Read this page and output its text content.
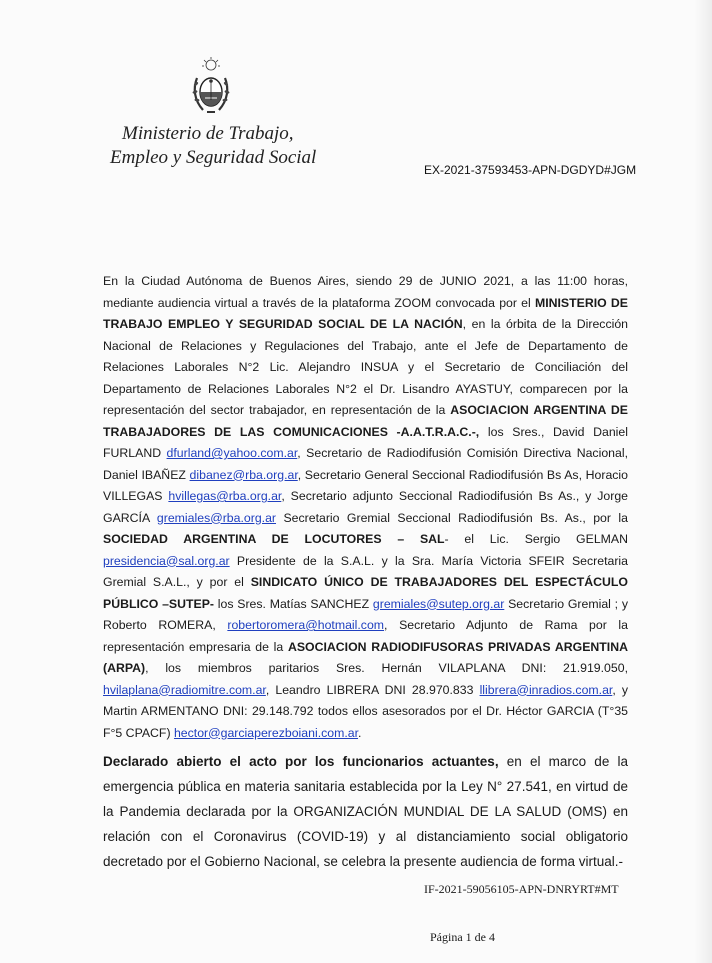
Ministerio de Trabajo,
Empleo y Seguridad Social
EX-2021-37593453-APN-DGDYD#JGM

En la Ciudad Autónoma de Buenos Aires, siendo 29 de JUNIO 2021, a las 11:00 horas, mediante audiencia virtual a través de la plataforma ZOOM convocada por el MINISTERIO DE TRABAJO EMPLEO Y SEGURIDAD SOCIAL DE LA NACIÓN, en la órbita de la Dirección Nacional de Relaciones y Regulaciones del Trabajo, ante el Jefe de Departamento de Relaciones Laborales N°2 Lic. Alejandro INSUA y el Secretario de Conciliación del Departamento de Relaciones Laborales N°2 el Dr. Lisandro AYASTUY, comparecen por la representación del sector trabajador, en representación de la ASOCIACION ARGENTINA DE TRABAJADORES DE LAS COMUNICACIONES -A.A.T.R.A.C.-, los Sres., David Daniel FURLAND dfurland@yahoo.com.ar, Secretario de Radiodifusión Comisión Directiva Nacional, Daniel IBAÑEZ dibanez@rba.org.ar, Secretario General Seccional Radiodifusión Bs As, Horacio VILLEGAS hvillegas@rba.org.ar, Secretario adjunto Seccional Radiodifusión Bs As., y Jorge GARCÍA gremiales@rba.org.ar Secretario Gremial Seccional Radiodifusión Bs. As., por la SOCIEDAD ARGENTINA DE LOCUTORES – SAL- el Lic. Sergio GELMAN presidencia@sal.org.ar Presidente de la S.A.L. y la Sra. María Victoria SFEIR Secretaria Gremial S.A.L., y por el SINDICATO ÚNICO DE TRABAJADORES DEL ESPECTÁCULO PÚBLICO –SUTEP- los Sres. Matías SANCHEZ gremiales@sutep.org.ar Secretario Gremial ; y Roberto ROMERA, robertoromera@hotmail.com, Secretario Adjunto de Rama por la representación empresaria de la ASOCIACION RADIODIFUSORAS PRIVADAS ARGENTINA (ARPA), los miembros paritarios Sres. Hernán VILAPLANA DNI: 21.919.050, hvilaplana@radiomitre.com.ar, Leandro LIBRERA DNI 28.970.833 llibrera@inradios.com.ar, y Martin ARMENTANO DNI: 29.148.792 todos ellos asesorados por el Dr. Héctor GARCIA (T°35 F°5 CPACF) hector@garciaperezboiani.com.ar.

Declarado abierto el acto por los funcionarios actuantes, en el marco de la emergencia pública en materia sanitaria establecida por la Ley N° 27.541, en virtud de la Pandemia declarada por la ORGANIZACIÓN MUNDIAL DE LA SALUD (OMS) en relación con el Coronavirus (COVID-19) y al distanciamiento social obligatorio decretado por el Gobierno Nacional, se celebra la presente audiencia de forma virtual.-

IF-2021-59056105-APN-DNRYRT#MT
Página 1 de 4
